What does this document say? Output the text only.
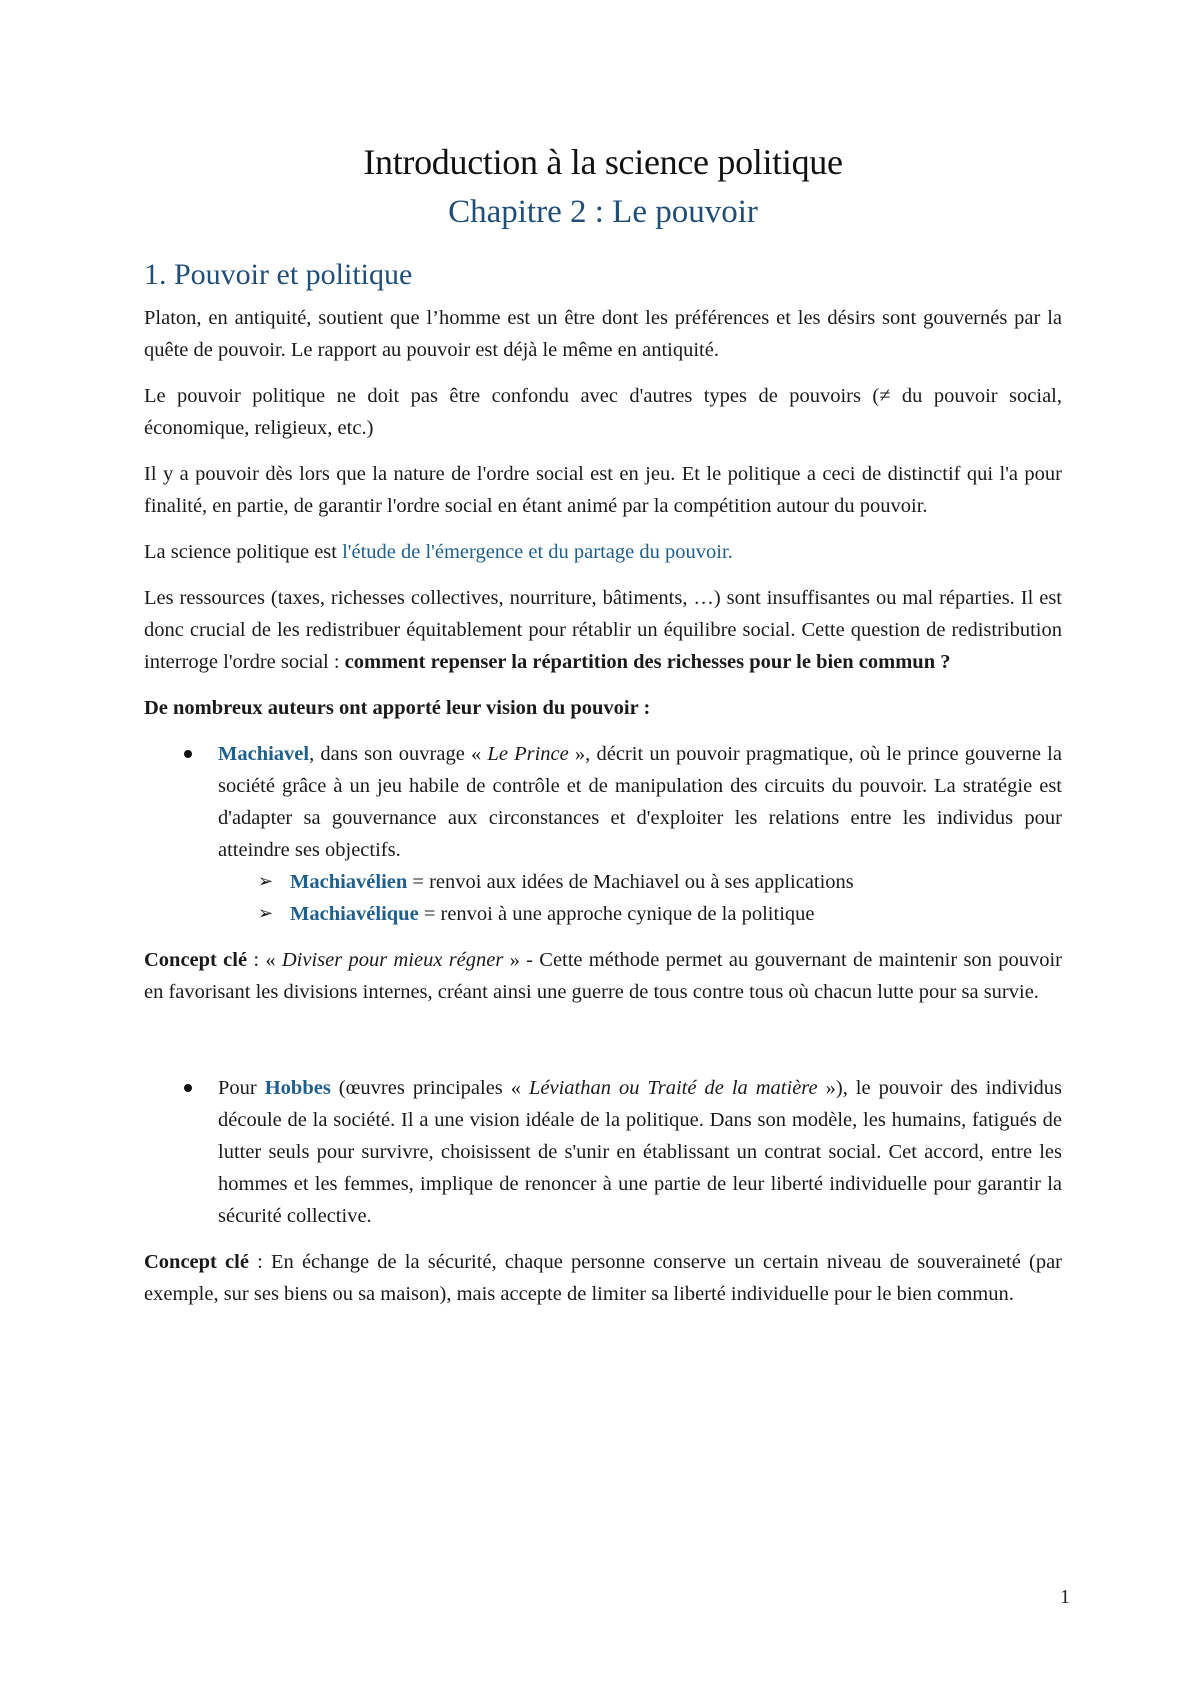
Introduction à la science politique
Chapitre 2 : Le pouvoir
1. Pouvoir et politique

Platon, en antiquité, soutient que l’homme est un être dont les préférences et les désirs sont gouvernés par la quête de pouvoir. Le rapport au pouvoir est déjà le même en antiquité.

Le pouvoir politique ne doit pas être confondu avec d'autres types de pouvoirs (≠ du pouvoir social, économique, religieux, etc.)

Il y a pouvoir dès lors que la nature de l'ordre social est en jeu. Et le politique a ceci de distinctif qui l'a pour finalité, en partie, de garantir l'ordre social en étant animé par la compétition autour du pouvoir.

La science politique est l'étude de l'émergence et du partage du pouvoir.

Les ressources (taxes, richesses collectives, nourriture, bâtiments, …) sont insuffisantes ou mal réparties. Il est donc crucial de les redistribuer équitablement pour rétablir un équilibre social. Cette question de redistribution interroge l'ordre social : comment repenser la répartition des richesses pour le bien commun ?

De nombreux auteurs ont apporté leur vision du pouvoir :

Machiavel, dans son ouvrage « Le Prince », décrit un pouvoir pragmatique, où le prince gouverne la société grâce à un jeu habile de contrôle et de manipulation des circuits du pouvoir. La stratégie est d'adapter sa gouvernance aux circonstances et d'exploiter les relations entre les individus pour atteindre ses objectifs.
➢ Machiavélien = renvoi aux idées de Machiavel ou à ses applications
➢ Machiavélique = renvoi à une approche cynique de la politique

Concept clé : « Diviser pour mieux régner » - Cette méthode permet au gouvernant de maintenir son pouvoir en favorisant les divisions internes, créant ainsi une guerre de tous contre tous où chacun lutte pour sa survie.

Pour Hobbes (œuvres principales « Léviathan ou Traité de la matière »), le pouvoir des individus découle de la société. Il a une vision idéale de la politique. Dans son modèle, les humains, fatigués de lutter seuls pour survivre, choisissent de s'unir en établissant un contrat social. Cet accord, entre les hommes et les femmes, implique de renoncer à une partie de leur liberté individuelle pour garantir la sécurité collective.

Concept clé : En échange de la sécurité, chaque personne conserve un certain niveau de souveraineté (par exemple, sur ses biens ou sa maison), mais accepte de limiter sa liberté individuelle pour le bien commun.

1
